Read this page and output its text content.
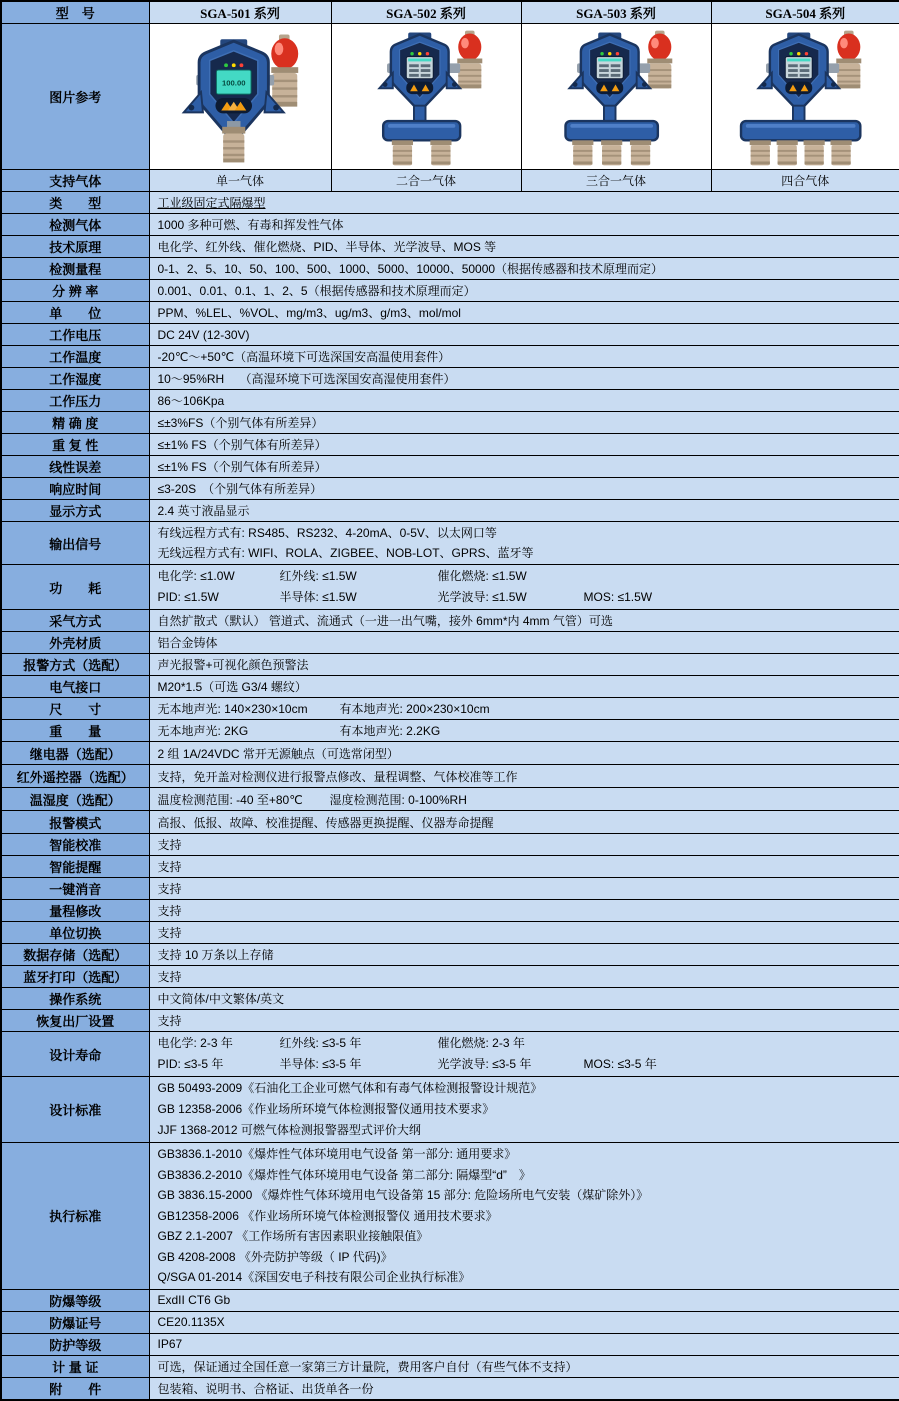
型　号	SGA-501 系列	SGA-502 系列	SGA-503 系列	SGA-504 系列
图片参考	100.00

支持气体	单一气体	二合一气体	三合一气体	四合气体
类　　型	工业级固定式隔爆型			
检测气体	1000 多种可燃、有毒和挥发性气体			
技术原理	电化学、红外线、催化燃烧、PID、半导体、光学波导、MOS 等			
检测量程	0-1、2、5、10、50、100、500、1000、5000、10000、50000（根据传感器和技术原理而定）			
分 辨 率	0.001、0.01、0.1、1、2、5（根据传感器和技术原理而定）			
单　　位	PPM、%LEL、%VOL、mg/m3、ug/m3、g/m3、mol/mol			
工作电压	DC 24V (12-30V)			
工作温度	-20℃～+50℃（高温环境下可选深国安高温使用套件）			
工作湿度	10～95%RH　 （高湿环境下可选深国安高湿使用套件）			
工作压力	86～106Kpa			
精 确 度	≤±3%FS（个别气体有所差异）			
重 复 性	≤±1% FS（个别气体有所差异）			
线性误差	≤±1% FS（个别气体有所差异）			
响应时间	≤3-20S　（个别气体有所差异）			
显示方式	2.4 英寸液晶显示			
输出信号	有线远程方式有: RS485、RS232、4-20mA、0-5V、以太网口等
无线远程方式有: WIFI、ROLA、ZIGBEE、NOB-LOT、GPRS、蓝牙等			

功　　耗	
电化学: ≤1.0W	红外线: ≤1.5W	催化燃烧: ≤1.5W
PID: ≤1.5W	半导体: ≤1.5W	光学波导: ≤1.5W	MOS: ≤1.5W

采气方式	自然扩散式（默认） 管道式、流通式（一进一出气嘴，接外 6mm*内 4mm 气管）可选			
外壳材质	铝合金铸体			
报警方式（选配）	声光报警+可视化颜色预警法			
电气接口	M20*1.5（可选 G3/4 螺纹）			
尺　　寸	无本地声光: 140×230×10cm 有本地声光: 200×230×10cm			

重　　量	无本地声光: 2KG 有本地声光: 2.2KG			

继电器（选配）	2 组 1A/24VDC 常开无源触点（可选常闭型）			
红外遥控器（选配）	支持，免开盖对检测仪进行报警点修改、量程调整、气体校准等工作			
温湿度（选配）	温度检测范围: -40 至+80℃ 湿度检测范围: 0-100%RH			

报警模式	高报、低报、故障、校准提醒、传感器更换提醒、仪器寿命提醒			
智能校准	支持			
智能提醒	支持			
一键消音	支持			
量程修改	支持			
单位切换	支持			
数据存储（选配）	支持 10 万条以上存储			
蓝牙打印（选配）	支持			
操作系统	中文简体/中文繁体/英文			
恢复出厂设置	支持			
设计寿命	
电化学: 2-3 年	红外线: ≤3-5 年	催化燃烧: 2-3 年
PID: ≤3-5 年	半导体: ≤3-5 年	光学波导: ≤3-5 年	MOS: ≤3-5 年

设计标准	GB 50493-2009《石油化工企业可燃气体和有毒气体检测报警设计规范》
GB 12358-2006《作业场所环境气体检测报警仪通用技术要求》
JJF 1368-2012 可燃气体检测报警器型式评价大纲			

执行标准	
GB3836.1-2010《爆炸性气体环境用电气设备 第一部分: 通用要求》
GB3836.2-2010《爆炸性气体环境用电气设备 第二部分: 隔爆型“d”　》
GB 3836.15-2000 《爆炸性气体环境用电气设备第 15 部分: 危险场所电气安装（煤矿除外）》
GB12358-2006 《作业场所环境气体检测报警仪 通用技术要求》
GBZ 2.1-2007 《工作场所有害因素职业接触限值》
GB 4208-2008 《外壳防护等级（ IP 代码)》
Q/SGA 01-2014《深国安电子科技有限公司企业执行标准》

防爆等级	ExdII CT6 Gb			
防爆证号	CE20.1135X			
防护等级	IP67			
计 量 证	可选，保证通过全国任意一家第三方计量院，费用客户自付（有些气体不支持）			
附　　件	包装箱、说明书、合格证、出货单各一份			
